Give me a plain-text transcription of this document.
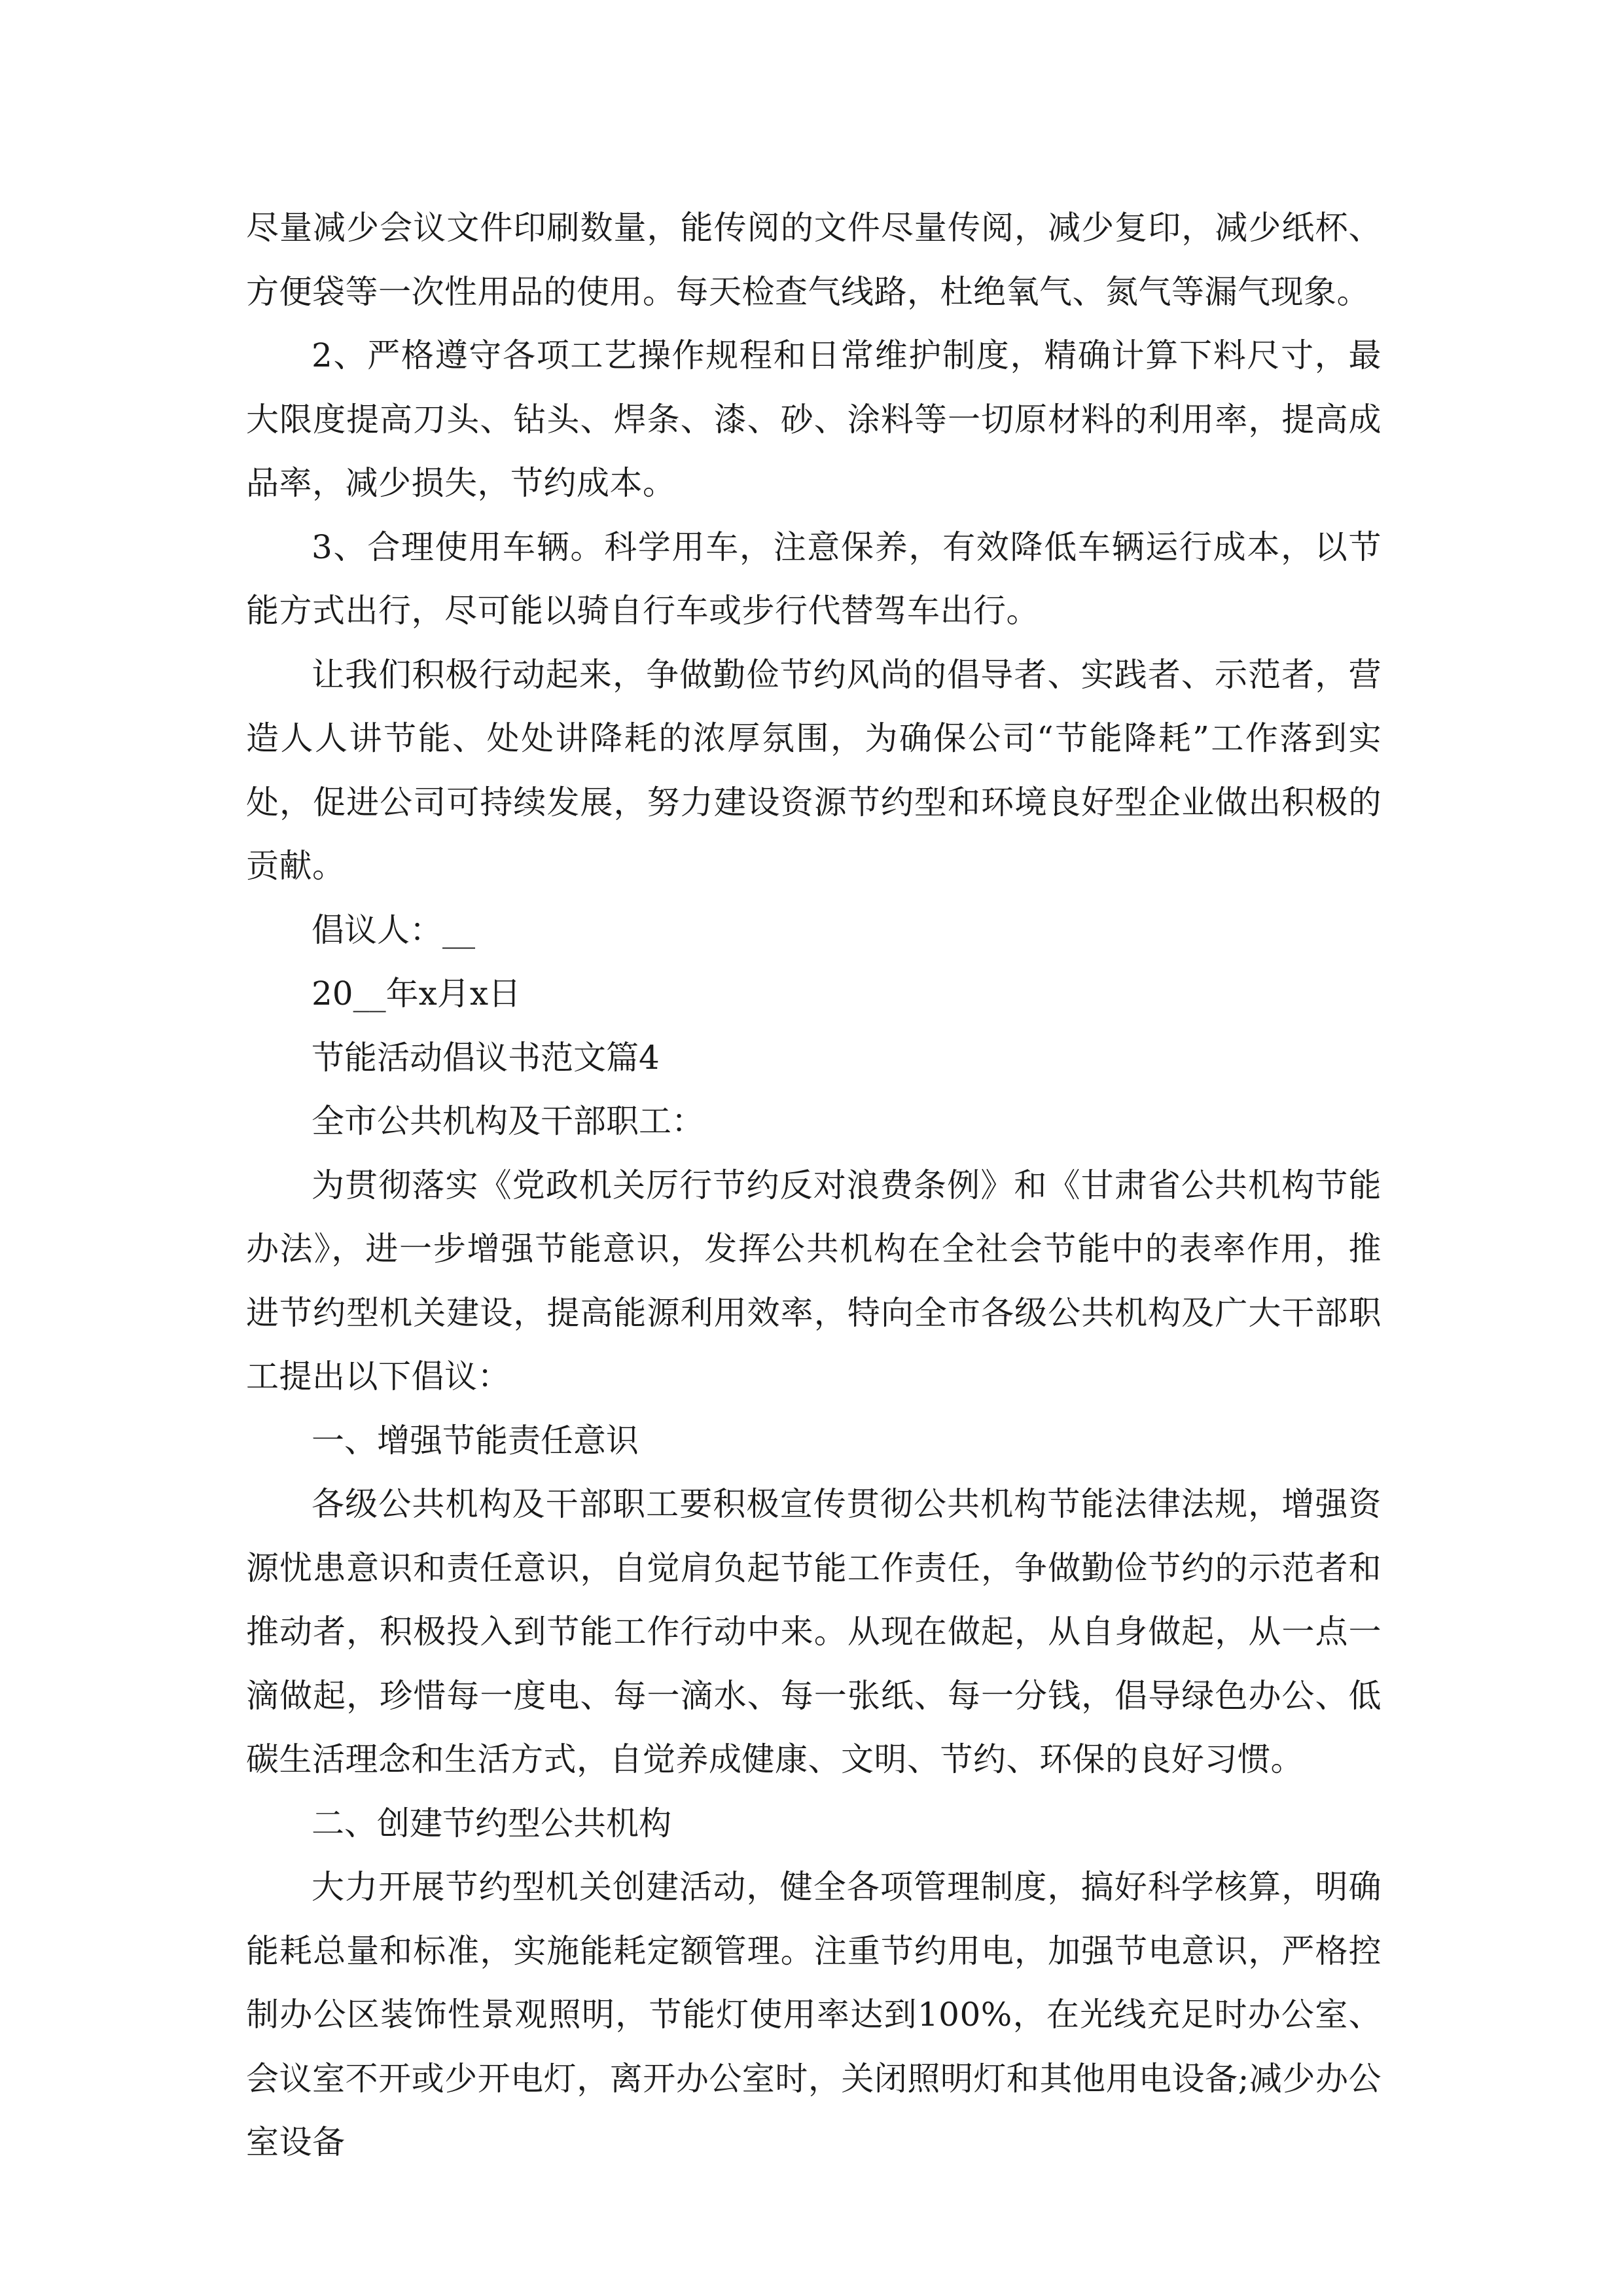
尽量减少会议文件印刷数量，能传阅的文件尽量传阅，减少复印，减少纸杯、方便袋等一次性用品的使用。每天检查气线路，杜绝氧气、氮气等漏气现象。

2、严格遵守各项工艺操作规程和日常维护制度，精确计算下料尺寸，最大限度提高刀头、钻头、焊条、漆、砂、涂料等一切原材料的利用率，提高成品率，减少损失，节约成本。

3、合理使用车辆。科学用车，注意保养，有效降低车辆运行成本，以节能方式出行，尽可能以骑自行车或步行代替驾车出行。

让我们积极行动起来，争做勤俭节约风尚的倡导者、实践者、示范者，营造人人讲节能、处处讲降耗的浓厚氛围，为确保公司“节能降耗”工作落到实处，促进公司可持续发展，努力建设资源节约型和环境良好型企业做出积极的贡献。

倡议人：__

20__年x月x日

节能活动倡议书范文篇4

全市公共机构及干部职工：

为贯彻落实《党政机关厉行节约反对浪费条例》和《甘肃省公共机构节能办法》，进一步增强节能意识，发挥公共机构在全社会节能中的表率作用，推进节约型机关建设，提高能源利用效率，特向全市各级公共机构及广大干部职工提出以下倡议：

一、增强节能责任意识

各级公共机构及干部职工要积极宣传贯彻公共机构节能法律法规，增强资源忧患意识和责任意识，自觉肩负起节能工作责任，争做勤俭节约的示范者和推动者，积极投入到节能工作行动中来。从现在做起，从自身做起，从一点一滴做起，珍惜每一度电、每一滴水、每一张纸、每一分钱，倡导绿色办公、低碳生活理念和生活方式，自觉养成健康、文明、节约、环保的良好习惯。

二、创建节约型公共机构

大力开展节约型机关创建活动，健全各项管理制度，搞好科学核算，明确能耗总量和标准，实施能耗定额管理。注重节约用电，加强节电意识，严格控制办公区装饰性景观照明，节能灯使用率达到100%，在光线充足时办公室、会议室不开或少开电灯，离开办公室时，关闭照明灯和其他用电设备;减少办公室设备
